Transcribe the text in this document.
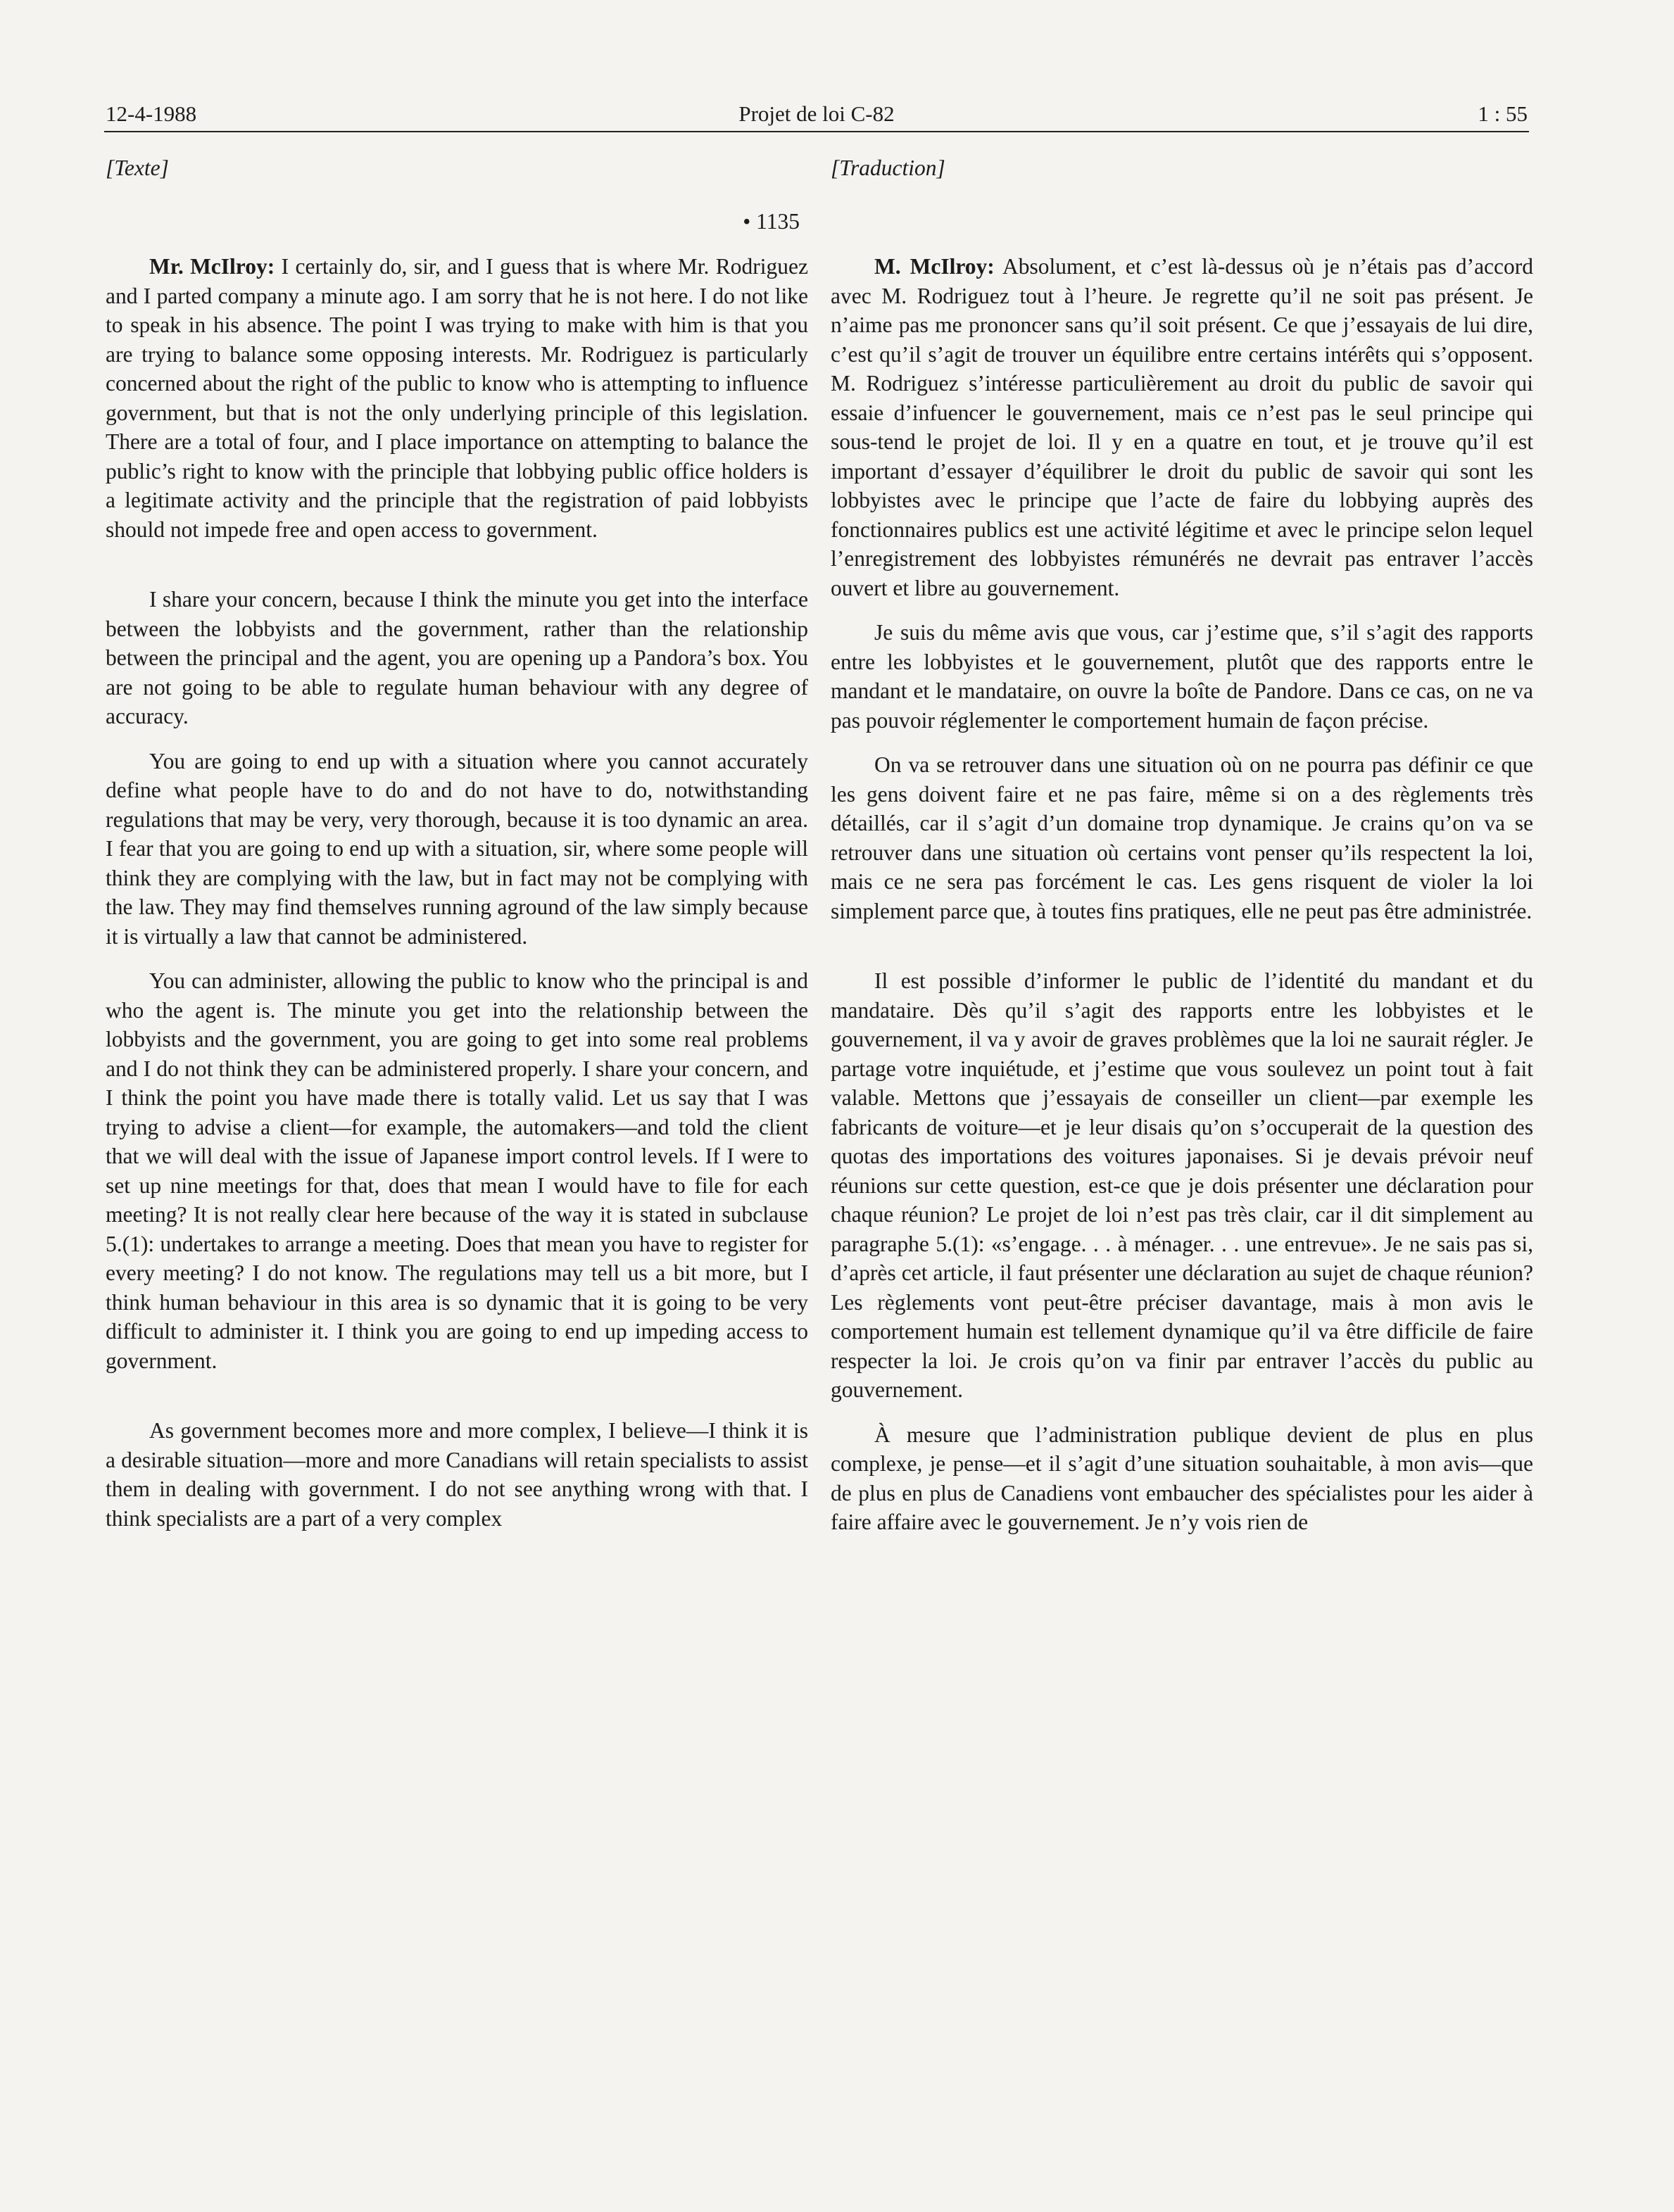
12-4-1988	Projet de loi C-82	1 : 55
[Texte]
• 1135

Mr. McIlroy: I certainly do, sir, and I guess that is where Mr. Rodriguez and I parted company a minute ago. I am sorry that he is not here. I do not like to speak in his absence. The point I was trying to make with him is that you are trying to balance some opposing interests. Mr. Rodriguez is particularly concerned about the right of the public to know who is attempting to influence government, but that is not the only underlying principle of this legislation. There are a total of four, and I place importance on attempting to balance the public’s right to know with the principle that lobbying public office holders is a legitimate activity and the principle that the registration of paid lobbyists should not impede free and open access to government.

I share your concern, because I think the minute you get into the interface between the lobbyists and the government, rather than the relationship between the principal and the agent, you are opening up a Pandora’s box. You are not going to be able to regulate human behaviour with any degree of accuracy.

You are going to end up with a situation where you cannot accurately define what people have to do and do not have to do, notwithstanding regulations that may be very, very thorough, because it is too dynamic an area. I fear that you are going to end up with a situation, sir, where some people will think they are complying with the law, but in fact may not be complying with the law. They may find themselves running aground of the law simply because it is virtually a law that cannot be administered.

You can administer, allowing the public to know who the principal is and who the agent is. The minute you get into the relationship between the lobbyists and the government, you are going to get into some real problems and I do not think they can be administered properly. I share your concern, and I think the point you have made there is totally valid. Let us say that I was trying to advise a client—for example, the automakers—and told the client that we will deal with the issue of Japanese import control levels. If I were to set up nine meetings for that, does that mean I would have to file for each meeting? It is not really clear here because of the way it is stated in subclause 5.(1): undertakes to arrange a meeting. Does that mean you have to register for every meeting? I do not know. The regulations may tell us a bit more, but I think human behaviour in this area is so dynamic that it is going to be very difficult to administer it. I think you are going to end up impeding access to government.

As government becomes more and more complex, I believe—I think it is a desirable situation—more and more Canadians will retain specialists to assist them in dealing with government. I do not see anything wrong with that. I think specialists are a part of a very complex

[Traduction]

M. McIlroy: Absolument, et c’est là-dessus où je n’étais pas d’accord avec M. Rodriguez tout à l’heure. Je regrette qu’il ne soit pas présent. Je n’aime pas me prononcer sans qu’il soit présent. Ce que j’essayais de lui dire, c’est qu’il s’agit de trouver un équilibre entre certains intérêts qui s’opposent. M. Rodriguez s’intéresse particulièrement au droit du public de savoir qui essaie d’infuencer le gouvernement, mais ce n’est pas le seul principe qui sous-tend le projet de loi. Il y en a quatre en tout, et je trouve qu’il est important d’essayer d’équilibrer le droit du public de savoir qui sont les lobbyistes avec le principe que l’acte de faire du lobbying auprès des fonctionnaires publics est une activité légitime et avec le principe selon lequel l’enregistrement des lobbyistes rémunérés ne devrait pas entraver l’accès ouvert et libre au gouvernement.

Je suis du même avis que vous, car j’estime que, s’il s’agit des rapports entre les lobbyistes et le gouvernement, plutôt que des rapports entre le mandant et le mandataire, on ouvre la boîte de Pandore. Dans ce cas, on ne va pas pouvoir réglementer le comportement humain de façon précise.

On va se retrouver dans une situation où on ne pourra pas définir ce que les gens doivent faire et ne pas faire, même si on a des règlements très détaillés, car il s’agit d’un domaine trop dynamique. Je crains qu’on va se retrouver dans une situation où certains vont penser qu’ils respectent la loi, mais ce ne sera pas forcément le cas. Les gens risquent de violer la loi simplement parce que, à toutes fins pratiques, elle ne peut pas être administrée.

Il est possible d’informer le public de l’identité du mandant et du mandataire. Dès qu’il s’agit des rapports entre les lobbyistes et le gouvernement, il va y avoir de graves problèmes que la loi ne saurait régler. Je partage votre inquiétude, et j’estime que vous soulevez un point tout à fait valable. Mettons que j’essayais de conseiller un client—par exemple les fabricants de voiture—et je leur disais qu’on s’occuperait de la question des quotas des importations des voitures japonaises. Si je devais prévoir neuf réunions sur cette question, est-ce que je dois présenter une déclaration pour chaque réunion? Le projet de loi n’est pas très clair, car il dit simplement au paragraphe 5.(1): «s’engage. . . à ménager. . . une entrevue». Je ne sais pas si, d’après cet article, il faut présenter une déclaration au sujet de chaque réunion? Les règlements vont peut-être préciser davantage, mais à mon avis le comportement humain est tellement dynamique qu’il va être difficile de faire respecter la loi. Je crois qu’on va finir par entraver l’accès du public au gouvernement.

À mesure que l’administration publique devient de plus en plus complexe, je pense—et il s’agit d’une situation souhaitable, à mon avis—que de plus en plus de Canadiens vont embaucher des spécialistes pour les aider à faire affaire avec le gouvernement. Je n’y vois rien de
